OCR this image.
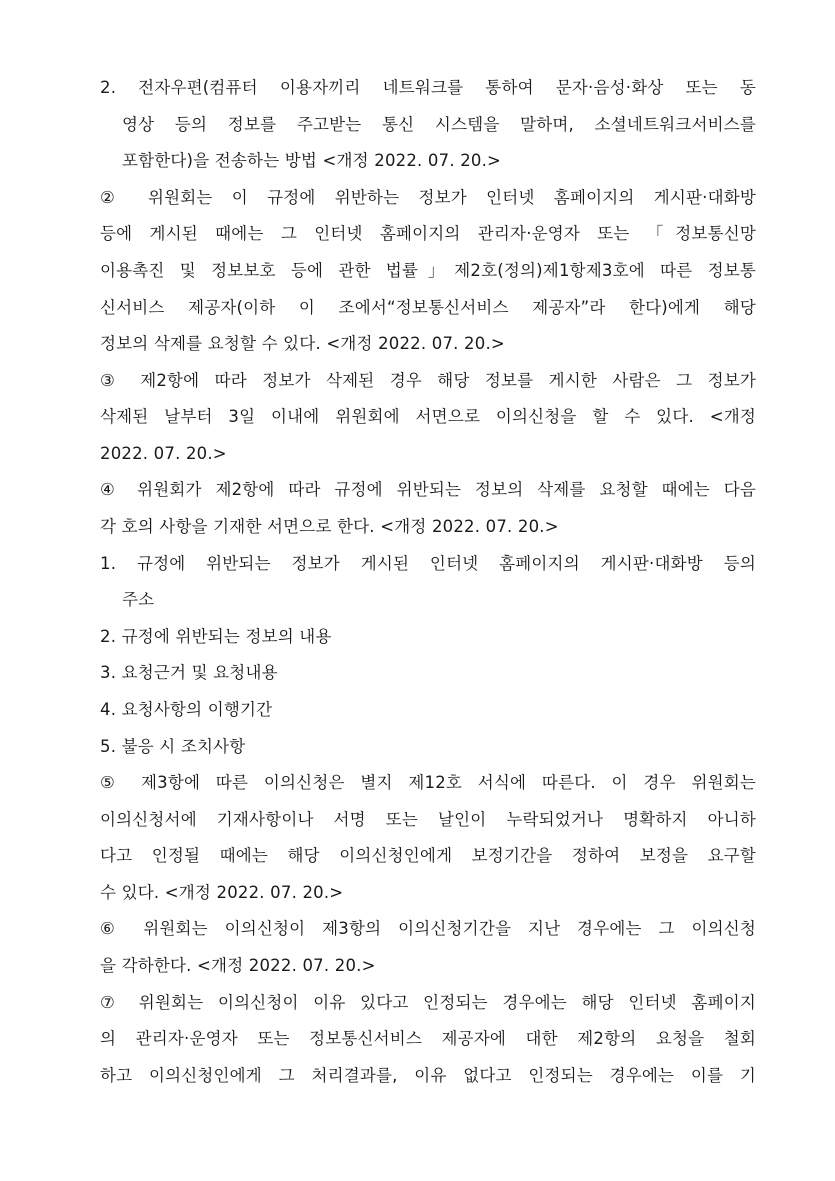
2. 전자우편(컴퓨터 이용자끼리 네트워크를 통하여 문자·음성·화상 또는 동
영상 등의 정보를 주고받는 통신 시스템을 말하며, 소셜네트워크서비스를
포함한다)을 전송하는 방법 <개정 2022. 07. 20.>
② 위원회는 이 규정에 위반하는 정보가 인터넷 홈페이지의 게시판·대화방
등에 게시된 때에는 그 인터넷 홈페이지의 관리자·운영자 또는 「정보통신망
이용촉진 및 정보보호 등에 관한 법률」제2호(정의)제1항제3호에 따른 정보통
신서비스 제공자(이하 이 조에서“정보통신서비스 제공자”라 한다)에게 해당
정보의 삭제를 요청할 수 있다. <개정 2022. 07. 20.>
③ 제2항에 따라 정보가 삭제된 경우 해당 정보를 게시한 사람은 그 정보가
삭제된 날부터 3일 이내에 위원회에 서면으로 이의신청을 할 수 있다. <개정
2022. 07. 20.>
④ 위원회가 제2항에 따라 규정에 위반되는 정보의 삭제를 요청할 때에는 다음
각 호의 사항을 기재한 서면으로 한다. <개정 2022. 07. 20.>
1. 규정에 위반되는 정보가 게시된 인터넷 홈페이지의 게시판·대화방 등의
주소
2. 규정에 위반되는 정보의 내용
3. 요청근거 및 요청내용
4. 요청사항의 이행기간
5. 불응 시 조치사항
⑤ 제3항에 따른 이의신청은 별지 제12호 서식에 따른다. 이 경우 위원회는
이의신청서에 기재사항이나 서명 또는 날인이 누락되었거나 명확하지 아니하
다고 인정될 때에는 해당 이의신청인에게 보정기간을 정하여 보정을 요구할
수 있다. <개정 2022. 07. 20.>
⑥ 위원회는 이의신청이 제3항의 이의신청기간을 지난 경우에는 그 이의신청
을 각하한다. <개정 2022. 07. 20.>
⑦ 위원회는 이의신청이 이유 있다고 인정되는 경우에는 해당 인터넷 홈페이지
의 관리자·운영자 또는 정보통신서비스 제공자에 대한 제2항의 요청을 철회
하고 이의신청인에게 그 처리결과를, 이유 없다고 인정되는 경우에는 이를 기
